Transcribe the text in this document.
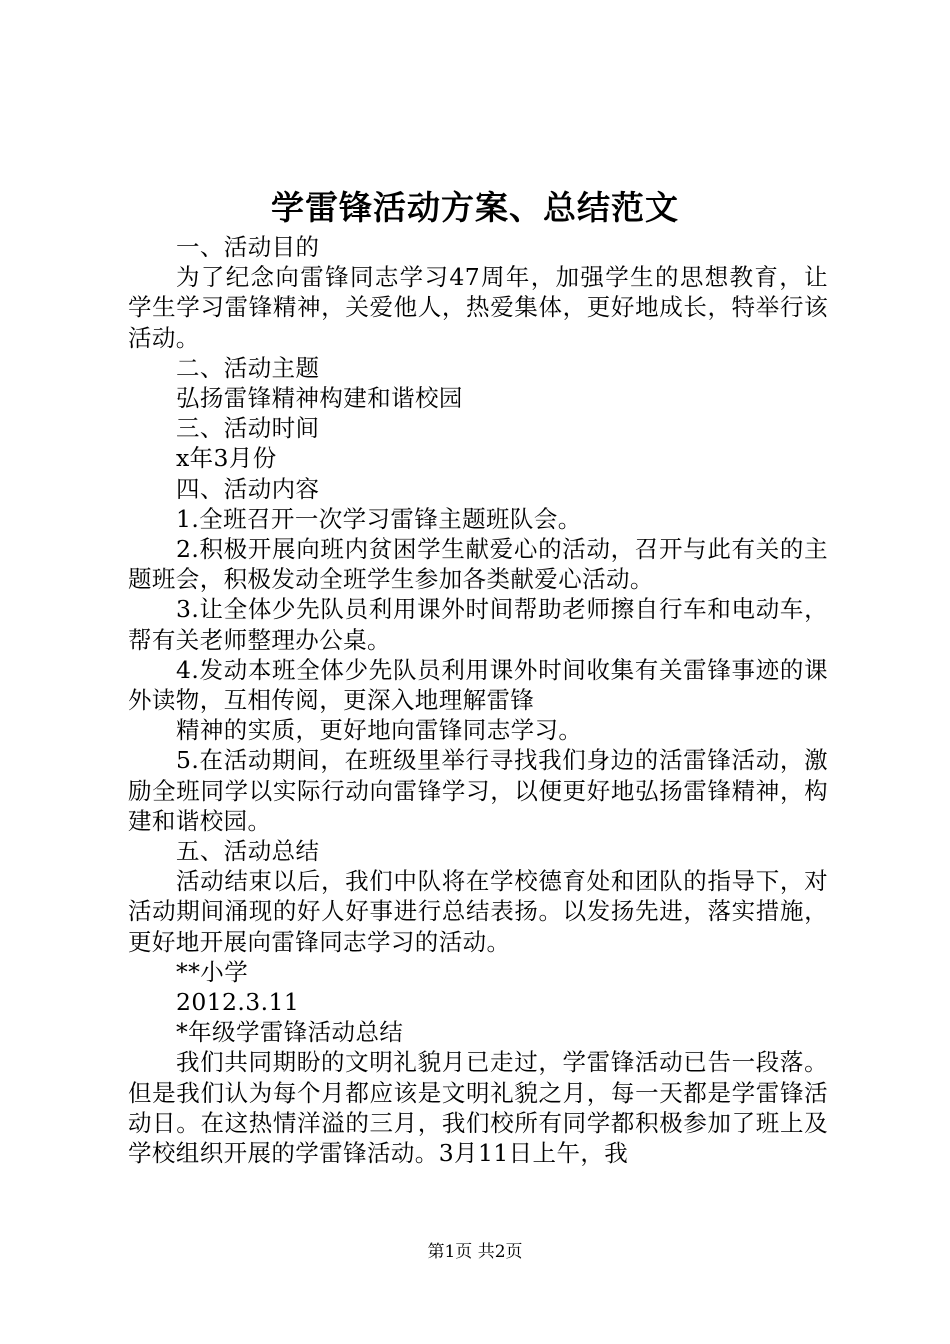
学雷锋活动方案、总结范文

一、活动目的

为了纪念向雷锋同志学习47周年，加强学生的思想教育，让学生学习雷锋精神，关爱他人，热爱集体，更好地成长，特举行该活动。

二、活动主题

弘扬雷锋精神构建和谐校园

三、活动时间

x年3月份

四、活动内容

1.全班召开一次学习雷锋主题班队会。

2.积极开展向班内贫困学生献爱心的活动，召开与此有关的主题班会，积极发动全班学生参加各类献爱心活动。

3.让全体少先队员利用课外时间帮助老师擦自行车和电动车，帮有关老师整理办公桌。

4.发动本班全体少先队员利用课外时间收集有关雷锋事迹的课外读物，互相传阅，更深入地理解雷锋

精神的实质，更好地向雷锋同志学习。

5.在活动期间，在班级里举行寻找我们身边的活雷锋活动，激励全班同学以实际行动向雷锋学习，以便更好地弘扬雷锋精神，构建和谐校园。

五、活动总结

活动结束以后，我们中队将在学校德育处和团队的指导下，对活动期间涌现的好人好事进行总结表扬。以发扬先进，落实措施，更好地开展向雷锋同志学习的活动。

**小学

2012.3.11

*年级学雷锋活动总结

我们共同期盼的文明礼貌月已走过，学雷锋活动已告一段落。但是我们认为每个月都应该是文明礼貌之月，每一天都是学雷锋活动日。在这热情洋溢的三月，我们校所有同学都积极参加了班上及学校组织开展的学雷锋活动。3月11日上午，我

第1页 共2页
